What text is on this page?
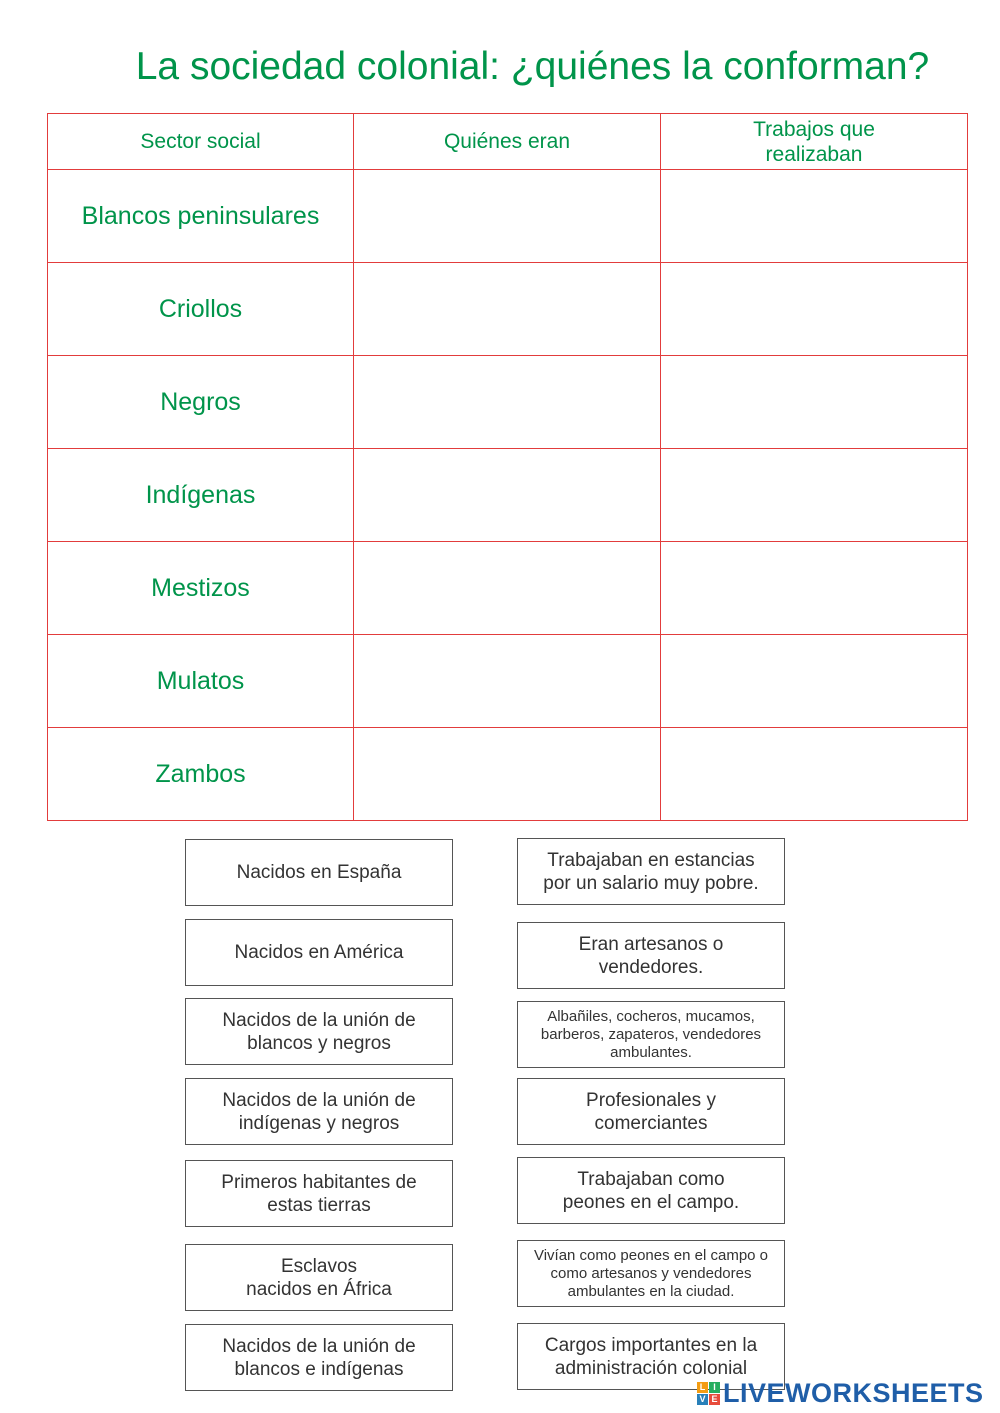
La sociedad colonial: ¿quiénes la conforman?
Sector social	Quiénes eran	Trabajos que realizaban

Blancos peninsulares		
Criollos		
Negros		
Indígenas		
Mestizos		
Mulatos		
Zambos		
Nacidos en España
Nacidos en América
Nacidos de la unión de blancos y negros
Nacidos de la unión de indígenas y negros
Primeros habitantes de estas tierras
Esclavos nacidos en África
Nacidos de la unión de blancos e indígenas
Trabajaban en estancias por un salario muy pobre.
Eran artesanos o vendedores.
Albañiles, cocheros, mucamos, barberos, zapateros, vendedores ambulantes.
Profesionales y comerciantes
Trabajaban como peones en el campo.
Vivían como peones en el campo o como artesanos y vendedores ambulantes en la ciudad.
Cargos importantes en la administración colonial
L I
V E LIVEWORKSHEETS
